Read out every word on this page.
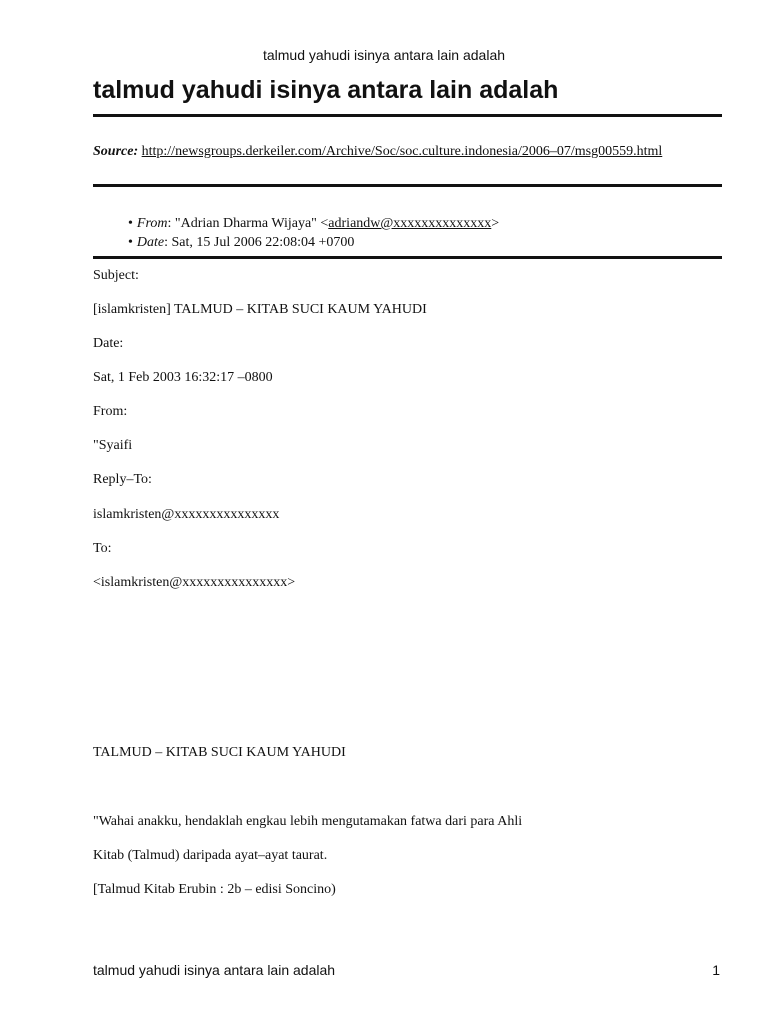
talmud yahudi isinya antara lain adalah
talmud yahudi isinya antara lain adalah
Source: http://newsgroups.derkeiler.com/Archive/Soc/soc.culture.indonesia/2006–07/msg00559.html
• From: "Adrian Dharma Wijaya" <adriandw@xxxxxxxxxxxxxx>
• Date: Sat, 15 Jul 2006 22:08:04 +0700
Subject:
[islamkristen] TALMUD – KITAB SUCI KAUM YAHUDI
Date:
Sat, 1 Feb 2003 16:32:17 –0800
From:
"Syaifi
Reply–To:
islamkristen@xxxxxxxxxxxxxxx
To:
<islamkristen@xxxxxxxxxxxxxxx>
TALMUD – KITAB SUCI KAUM YAHUDI
"Wahai anakku, hendaklah engkau lebih mengutamakan fatwa dari para Ahli
Kitab (Talmud) daripada ayat–ayat taurat.
[Talmud Kitab Erubin : 2b – edisi Soncino)
talmud yahudi isinya antara lain adalah	1
